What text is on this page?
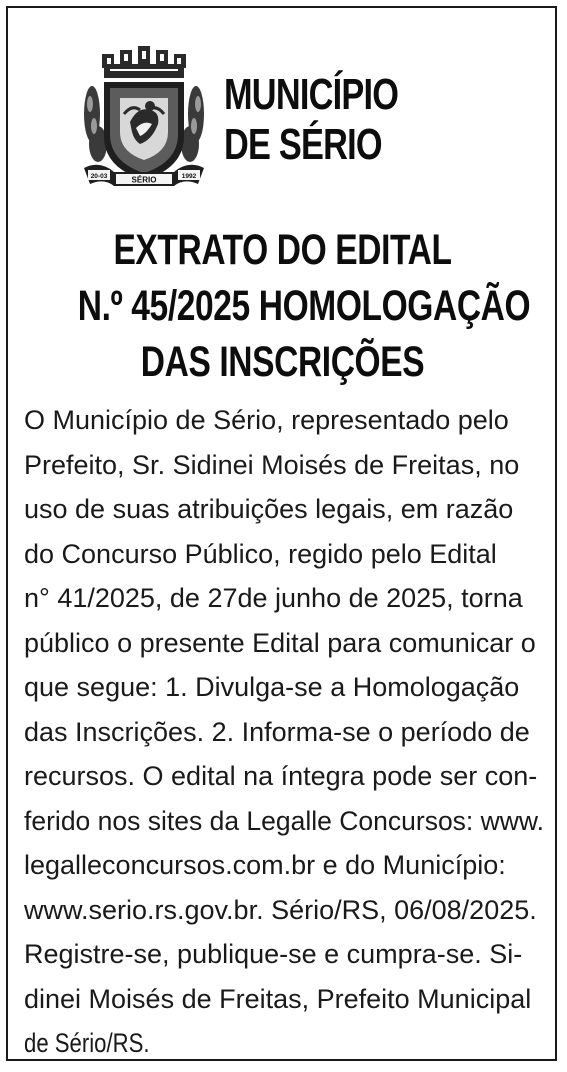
SÉRIO
20-03	1992
MUNICÍPIO
DE SÉRIO
EXTRATO DO EDITAL
N.º 45/2025 HOMOLOGAÇÃO
DAS INSCRIÇÕES
O Município de Sério, representado pelo
Prefeito, Sr. Sidinei Moisés de Freitas, no
uso de suas atribuições legais, em razão
do Concurso Público, regido pelo Edital
n° 41/2025, de 27de junho de 2025, torna
público o presente Edital para comunicar o
que segue: 1. Divulga-se a Homologação
das Inscrições. 2. Informa-se o período de
recursos. O edital na íntegra pode ser con-
ferido nos sites da Legalle Concursos: www.
legalleconcursos.com.br e do Município:
www.serio.rs.gov.br. Sério/RS, 06/08/2025.
Registre-se, publique-se e cumpra-se. Si-
dinei Moisés de Freitas, Prefeito Municipal
de Sério/RS.
